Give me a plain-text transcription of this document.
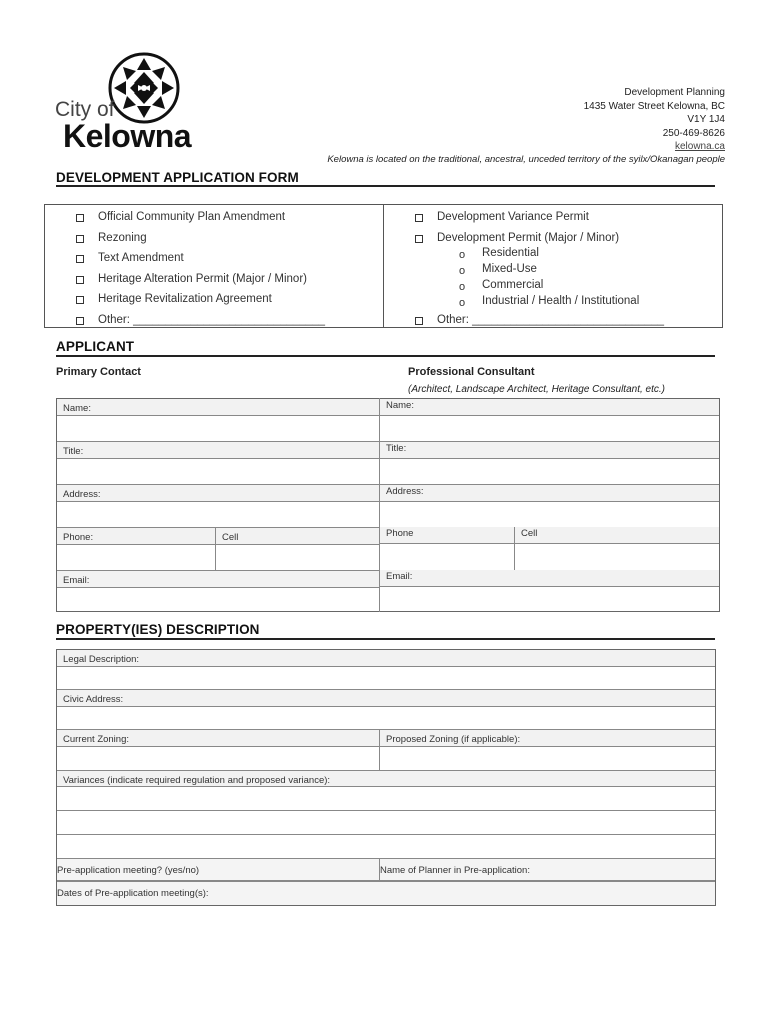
City of
Kelowna
Development Planning
1435 Water Street Kelowna, BC
V1Y 1J4
250-469-8626
kelowna.ca
Kelowna is located on the traditional, ancestral, unceded territory of the syilx/Okanagan people
DEVELOPMENT APPLICATION FORM
Official Community Plan Amendment
Rezoning
Text Amendment
Heritage Alteration Permit (Major / Minor)
Heritage Revitalization Agreement
Other: ______________________________
Development Variance Permit
Development Permit (Major / Minor)
o Residential
o Mixed-Use
o Commercial
o Industrial / Health / Institutional
Other: ______________________________
APPLICANT
Primary Contact	Professional Consultant
(Architect, Landscape Architect, Heritage Consultant, etc.)
Name:
Title:
Address:
Phone:	Cell
Email:
Name:
Title:
Address:
Phone	Cell
Email:
PROPERTY(IES) DESCRIPTION
Legal Description:
Civic Address:
Current Zoning:	Proposed Zoning (if applicable):
Variances (indicate required regulation and proposed variance):
Pre-application meeting? (yes/no)	Name of Planner in Pre-application:
Dates of Pre-application meeting(s):
